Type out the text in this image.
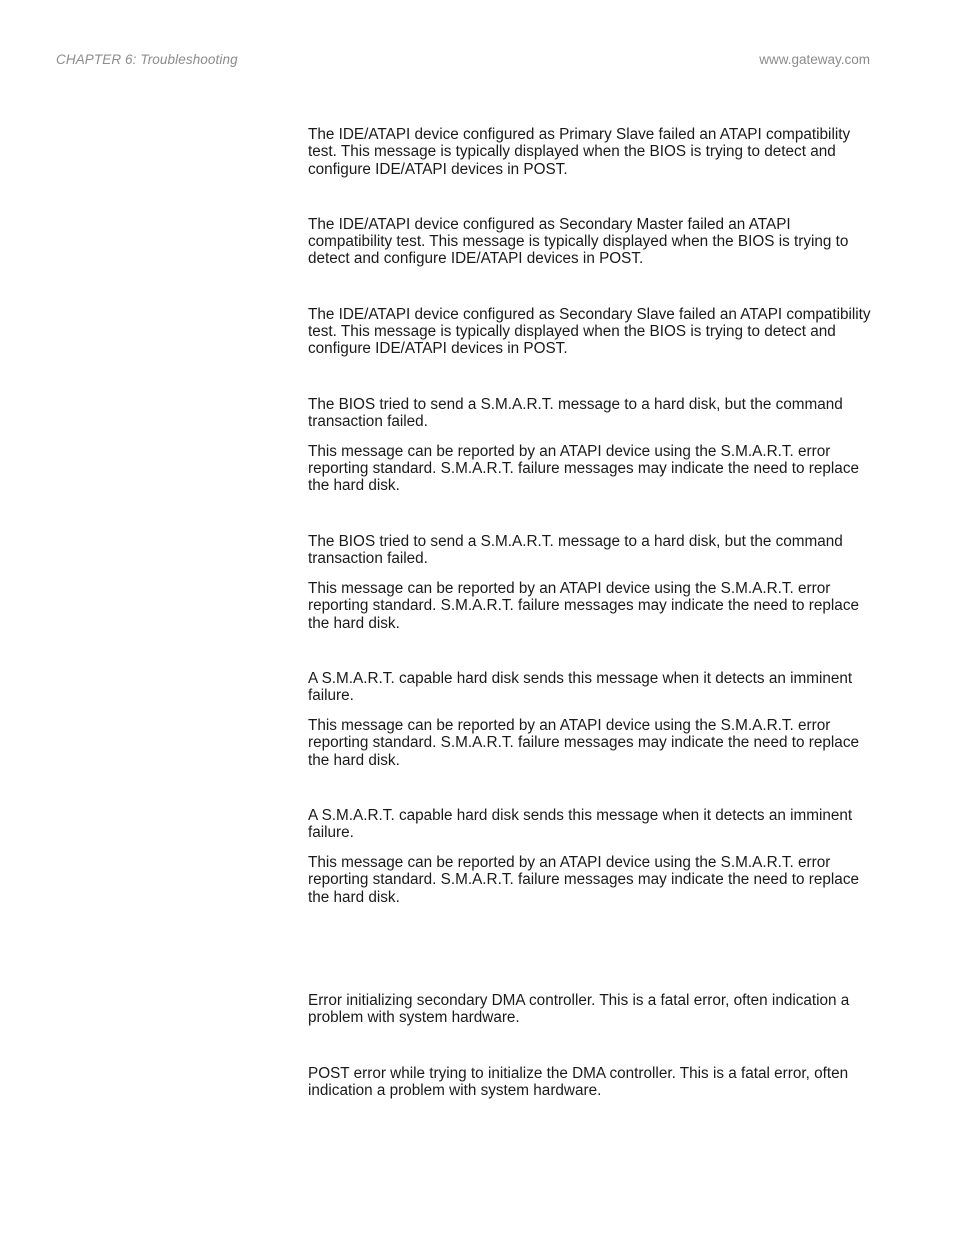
CHAPTER 6: Troubleshooting	www.gateway.com

The IDE/ATAPI device configured as Primary Slave failed an ATAPI compatibility test. This message is typically displayed when the BIOS is trying to detect and configure IDE/ATAPI devices in POST.

The IDE/ATAPI device configured as Secondary Master failed an ATAPI compatibility test. This message is typically displayed when the BIOS is trying to detect and configure IDE/ATAPI devices in POST.

The IDE/ATAPI device configured as Secondary Slave failed an ATAPI compatibility test. This message is typically displayed when the BIOS is trying to detect and configure IDE/ATAPI devices in POST.

The BIOS tried to send a S.M.A.R.T. message to a hard disk, but the command transaction failed.

This message can be reported by an ATAPI device using the S.M.A.R.T. error reporting standard. S.M.A.R.T. failure messages may indicate the need to replace the hard disk.

The BIOS tried to send a S.M.A.R.T. message to a hard disk, but the command transaction failed.

This message can be reported by an ATAPI device using the S.M.A.R.T. error reporting standard. S.M.A.R.T. failure messages may indicate the need to replace the hard disk.

A S.M.A.R.T. capable hard disk sends this message when it detects an imminent failure.

This message can be reported by an ATAPI device using the S.M.A.R.T. error reporting standard. S.M.A.R.T. failure messages may indicate the need to replace the hard disk.

A S.M.A.R.T. capable hard disk sends this message when it detects an imminent failure.

This message can be reported by an ATAPI device using the S.M.A.R.T. error reporting standard. S.M.A.R.T. failure messages may indicate the need to replace the hard disk.

Error initializing secondary DMA controller. This is a fatal error, often indication a problem with system hardware.

POST error while trying to initialize the DMA controller. This is a fatal error, often indication a problem with system hardware.
